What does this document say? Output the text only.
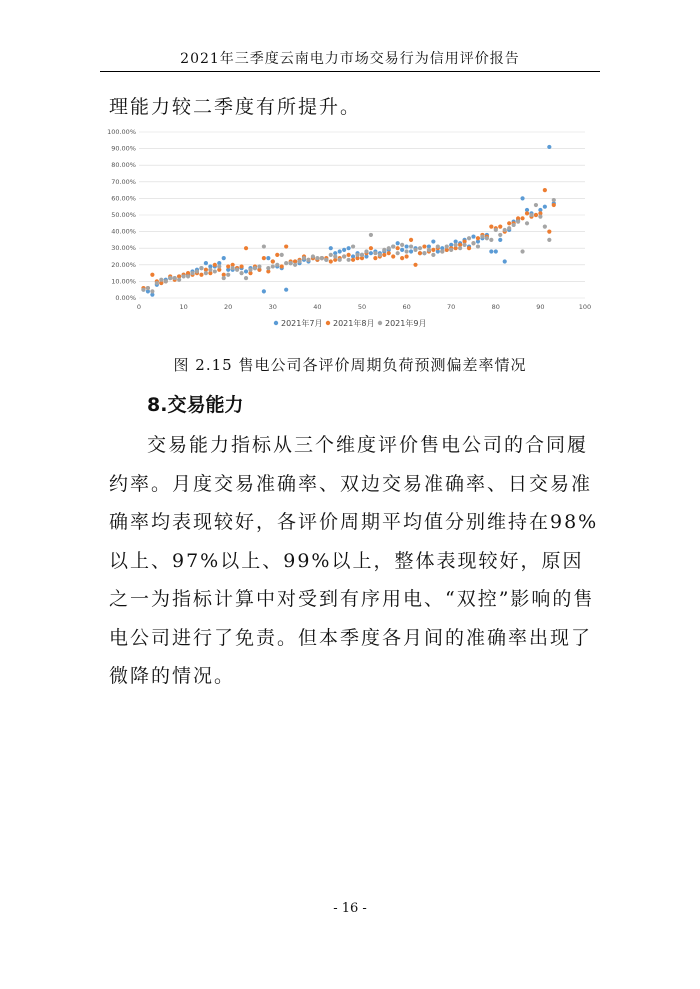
2021年三季度云南电力市场交易行为信用评价报告
理能力较二季度有所提升。
0.00%
10.00%
20.00%
30.00%
40.00%
50.00%
60.00%
70.00%
80.00%
90.00%
100.00%
0	10	20	30	40	50	60	70	80	90	100
2021年7月 2021年8月 2021年9月
图 2.15 售电公司各评价周期负荷预测偏差率情况
8.交易能力
交易能力指标从三个维度评价售电公司的合同履约率。月度交易准确率、双边交易准确率、日交易准确率均表现较好，各评价周期平均值分别维持在98%以上、97%以上、99%以上，整体表现较好，原因之一为指标计算中对受到有序用电、“双控”影响的售电公司进行了免责。但本季度各月间的准确率出现了微降的情况。
- 16 -
